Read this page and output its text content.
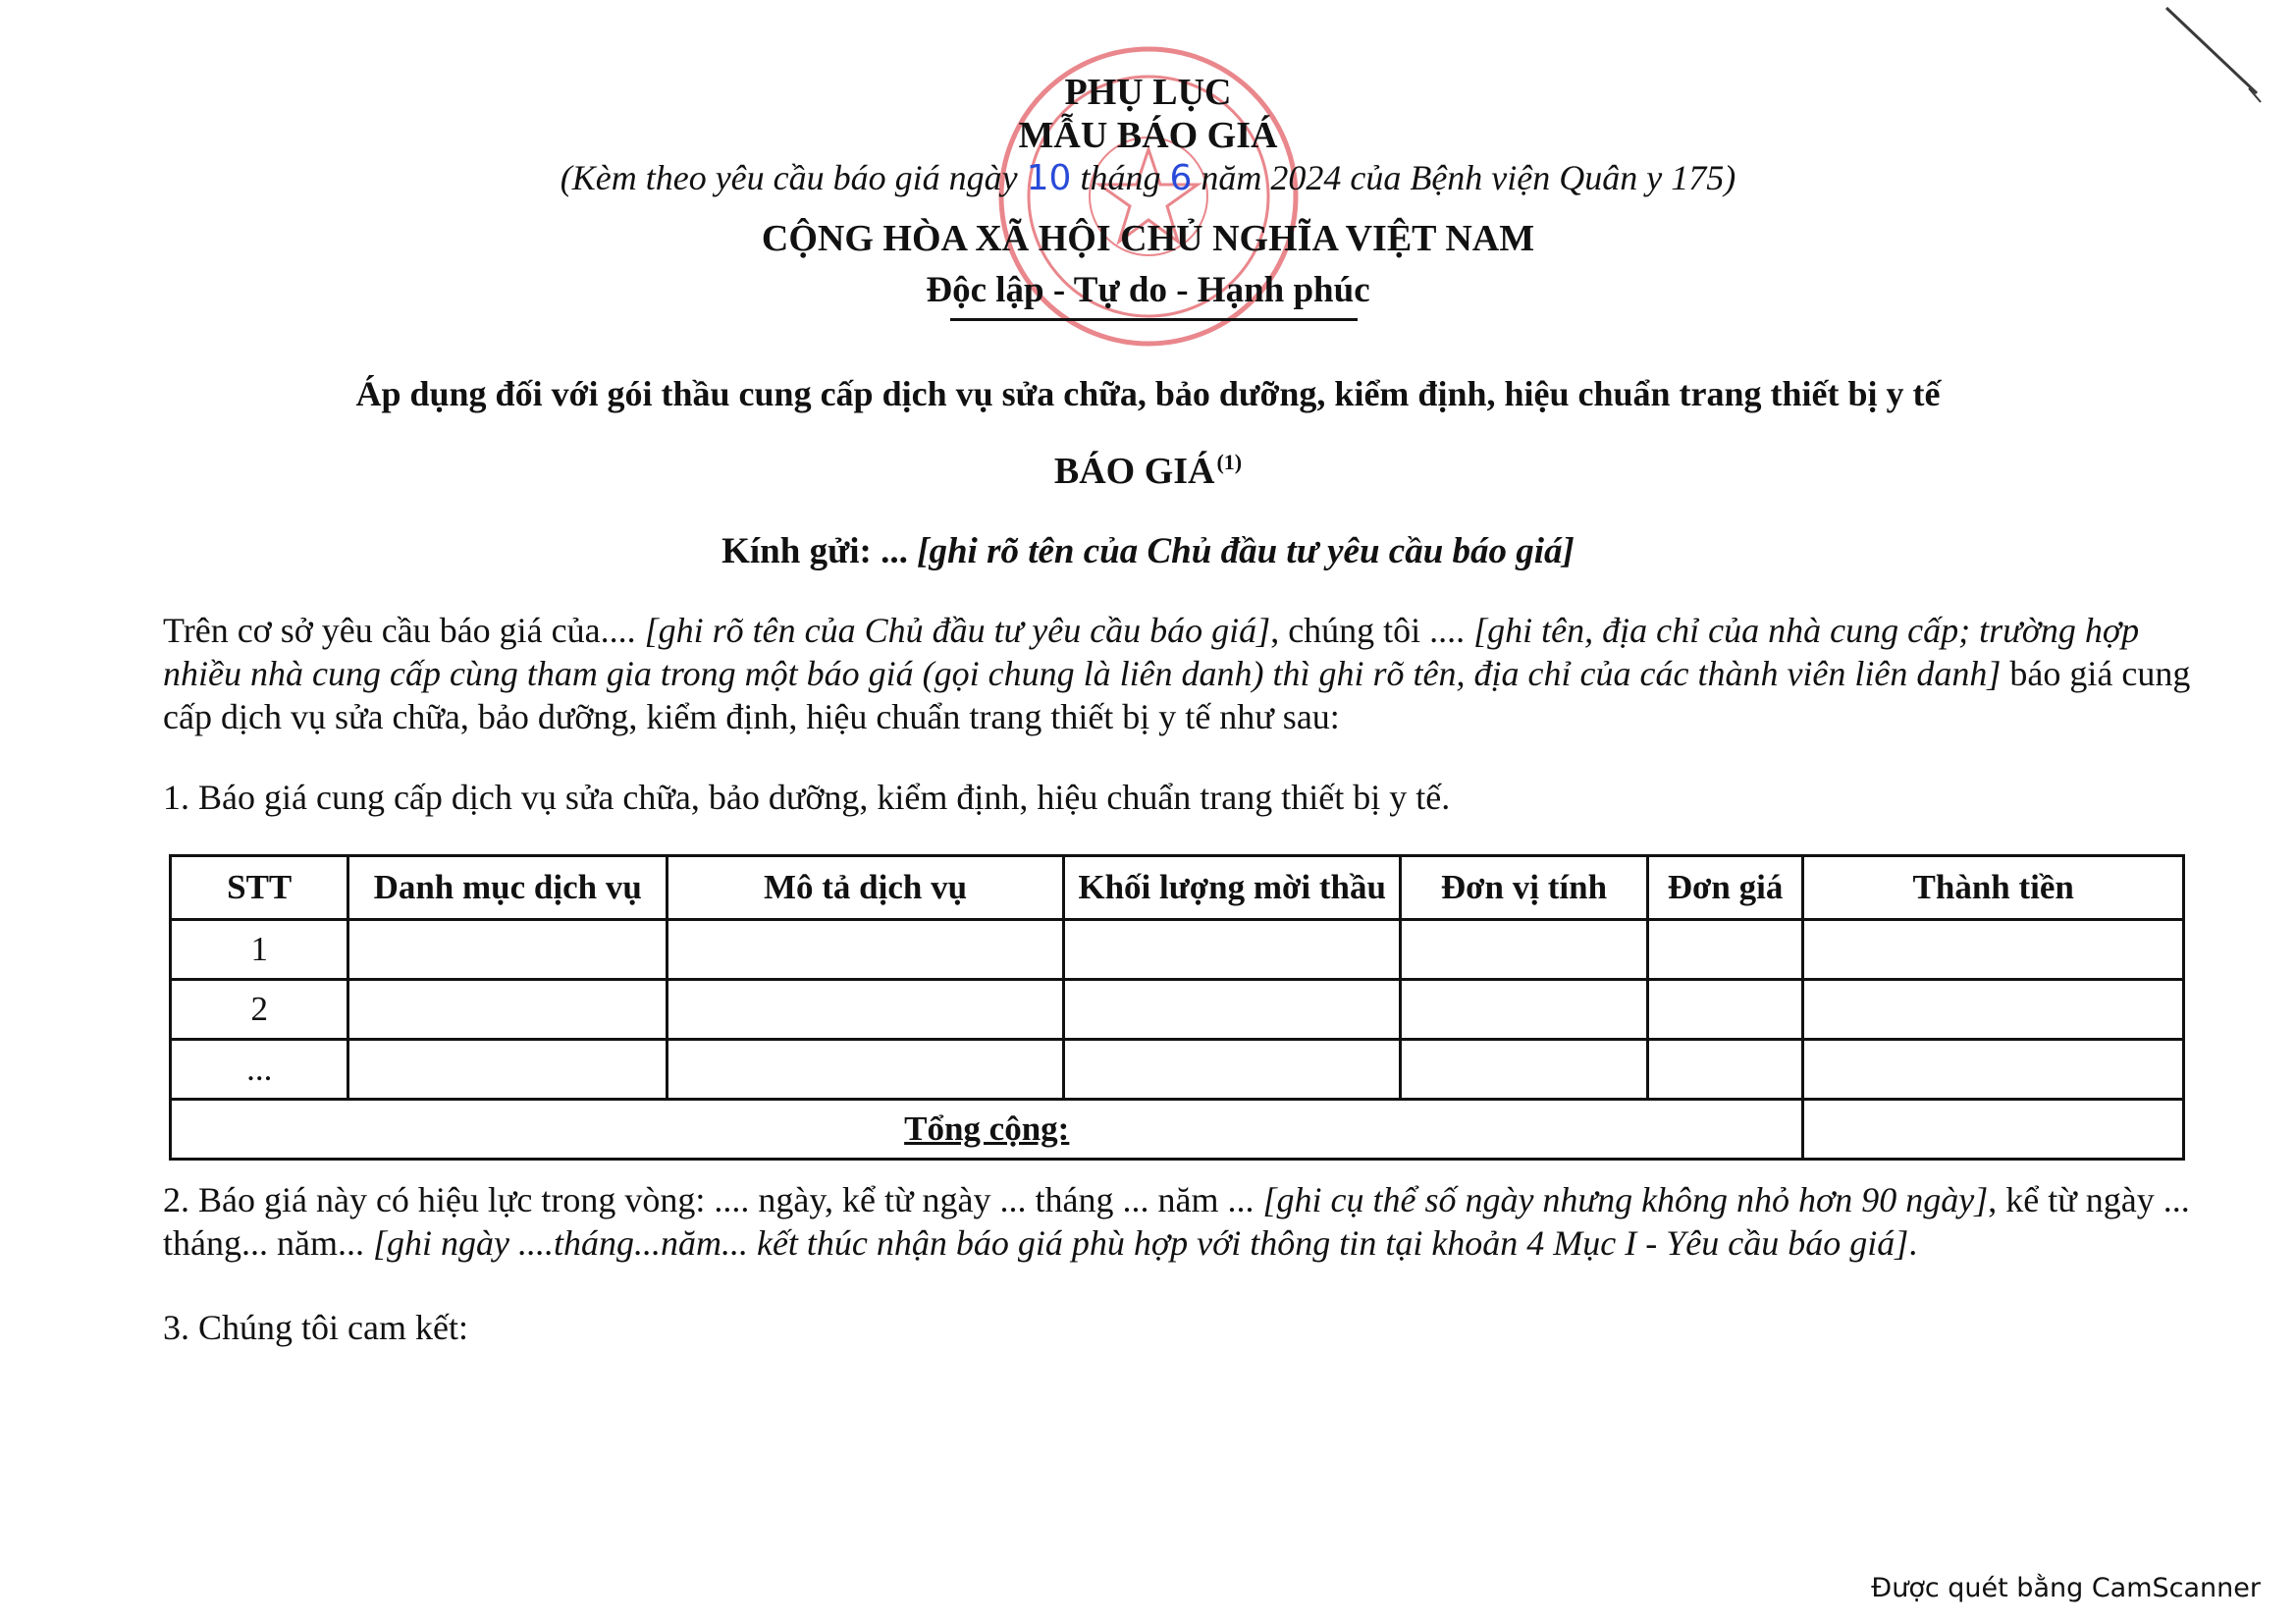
PHỤ LỤC
MẪU BÁO GIÁ
(Kèm theo yêu cầu báo giá ngày 10 tháng 6 năm 2024 của Bệnh viện Quân y 175)
CỘNG HÒA XÃ HỘI CHỦ NGHĨA VIỆT NAM
Độc lập - Tự do - Hạnh phúc
Áp dụng đối với gói thầu cung cấp dịch vụ sửa chữa, bảo dưỡng, kiểm định, hiệu chuẩn trang thiết bị y tế
BÁO GIÁ$^{(1)}$
Kính gửi: ... [ghi rõ tên của Chủ đầu tư yêu cầu báo giá]
Trên cơ sở yêu cầu báo giá của.... [ghi rõ tên của Chủ đầu tư yêu cầu báo giá], chúng tôi .... [ghi tên, địa chỉ của nhà cung cấp; trường hợp nhiều nhà cung cấp cùng tham gia trong một báo giá (gọi chung là liên danh) thì ghi rõ tên, địa chỉ của các thành viên liên danh] báo giá cung cấp dịch vụ sửa chữa, bảo dưỡng, kiểm định, hiệu chuẩn trang thiết bị y tế như sau:
1. Báo giá cung cấp dịch vụ sửa chữa, bảo dưỡng, kiểm định, hiệu chuẩn trang thiết bị y tế.
STT	Danh mục dịch vụ	Mô tả dịch vụ	Khối lượng mời thầu	Đơn vị tính	Đơn giá	Thành tiền
1						
2						
...						
Tổng cộng:						
2. Báo giá này có hiệu lực trong vòng: .... ngày, kể từ ngày ... tháng ... năm ... [ghi cụ thể số ngày nhưng không nhỏ hơn 90 ngày], kể từ ngày ... tháng... năm... [ghi ngày ....tháng...năm... kết thúc nhận báo giá phù hợp với thông tin tại khoản 4 Mục I - Yêu cầu báo giá].
3. Chúng tôi cam kết:
Được quét bằng CamScanner
